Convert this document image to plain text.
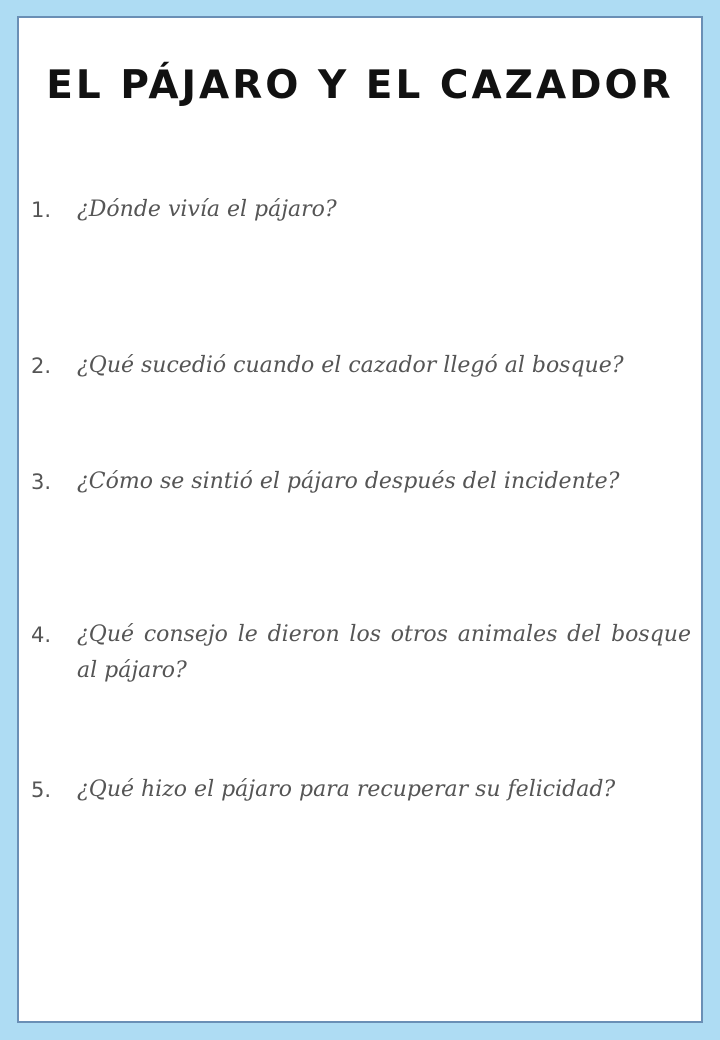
EL PÁJARO Y EL CAZADOR
1.	¿Dónde vivía el pájaro?
2.	¿Qué sucedió cuando el cazador llegó al bosque?
3.	¿Cómo se sintió el pájaro después del incidente?
4.	¿Qué consejo le dieron los otros animales del bosque al pájaro?
5.	¿Qué hizo el pájaro para recuperar su felicidad?
